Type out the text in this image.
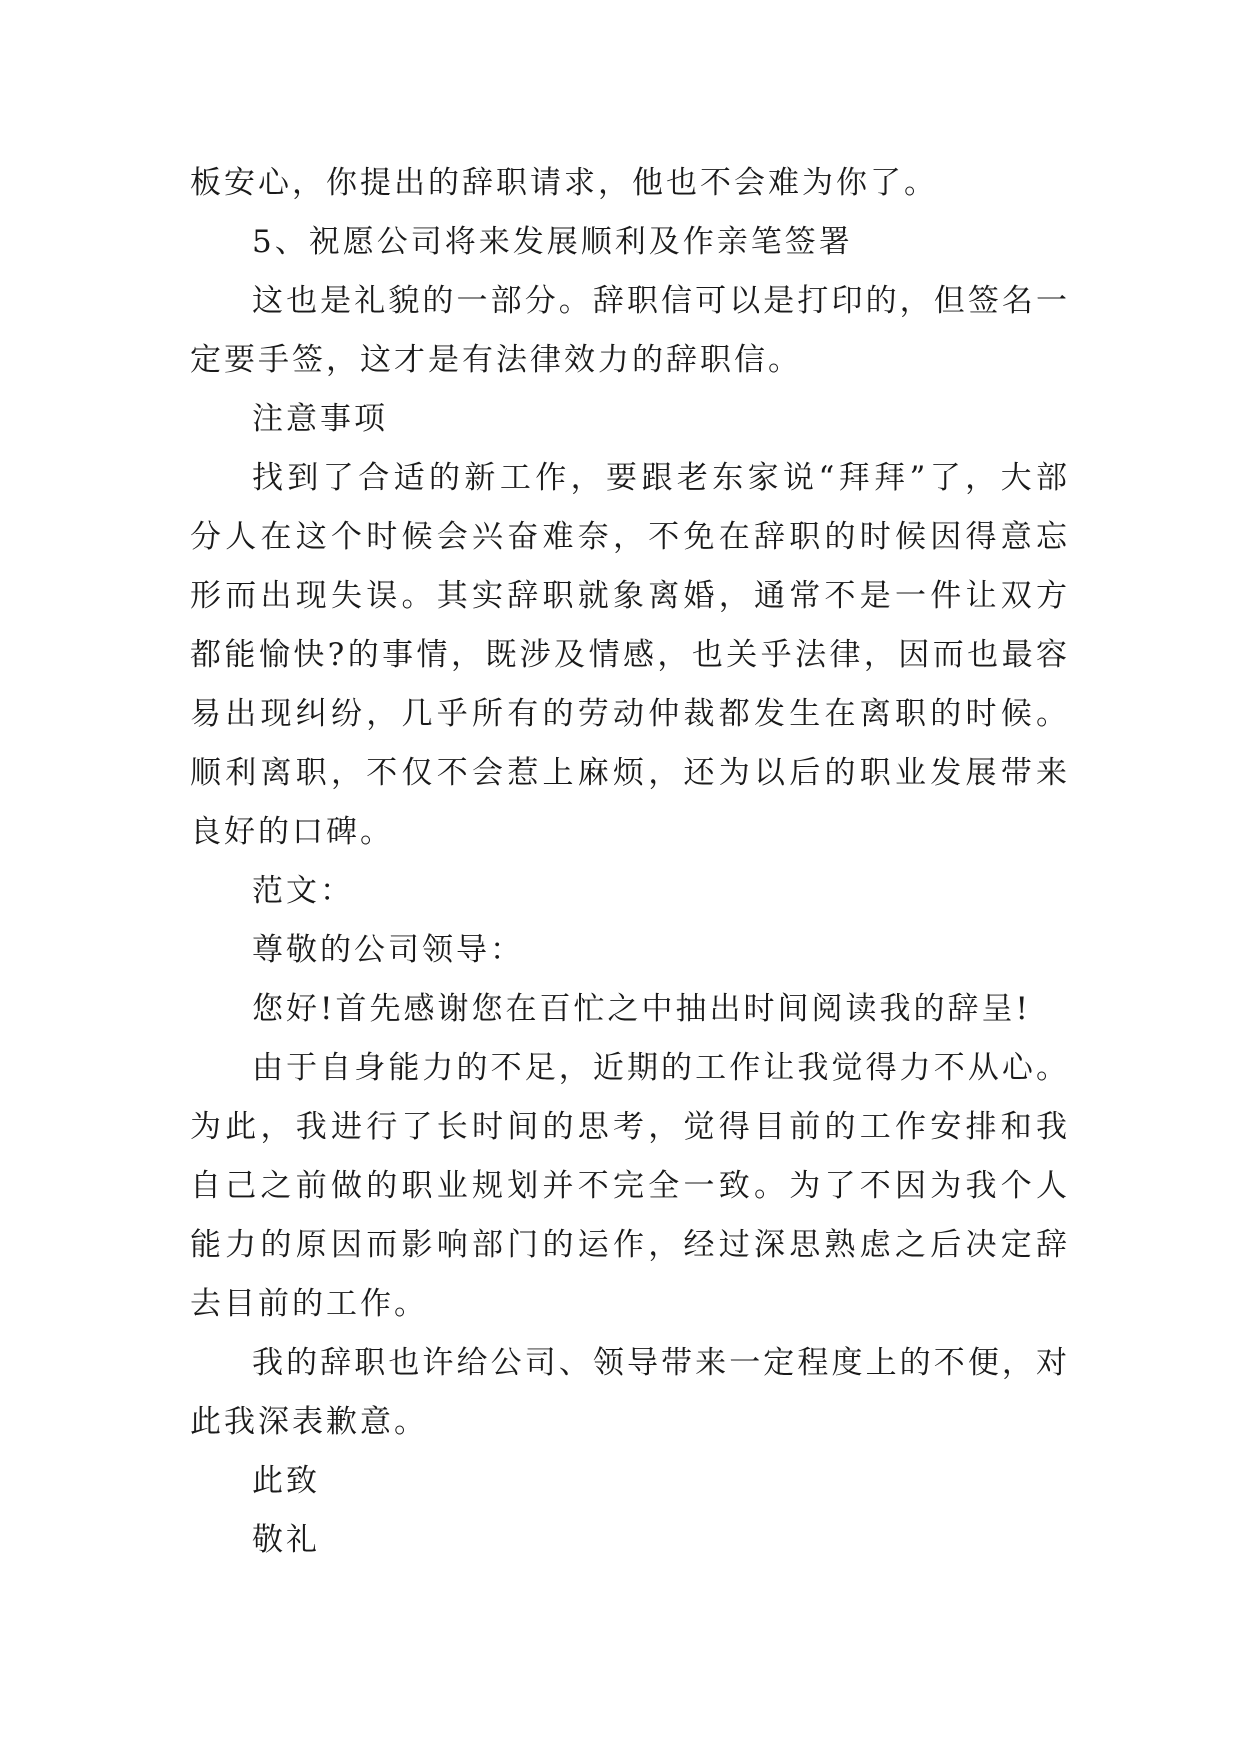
板安心，你提出的辞职请求，他也不会难为你了。

5、祝愿公司将来发展顺利及作亲笔签署

这也是礼貌的一部分。辞职信可以是打印的，但签名一定要手签，这才是有法律效力的辞职信。

注意事项

找到了合适的新工作，要跟老东家说“拜拜”了，大部分人在这个时候会兴奋难奈，不免在辞职的时候因得意忘形而出现失误。其实辞职就象离婚，通常不是一件让双方都能愉快?的事情，既涉及情感，也关乎法律，因而也最容易出现纠纷，几乎所有的劳动仲裁都发生在离职的时候。顺利离职，不仅不会惹上麻烦，还为以后的职业发展带来良好的口碑。

范文：

尊敬的公司领导：

您好!首先感谢您在百忙之中抽出时间阅读我的辞呈!

由于自身能力的不足，近期的工作让我觉得力不从心。为此，我进行了长时间的思考，觉得目前的工作安排和我自己之前做的职业规划并不完全一致。为了不因为我个人能力的原因而影响部门的运作，经过深思熟虑之后决定辞去目前的工作。

我的辞职也许给公司、领导带来一定程度上的不便，对此我深表歉意。

此致

敬礼
